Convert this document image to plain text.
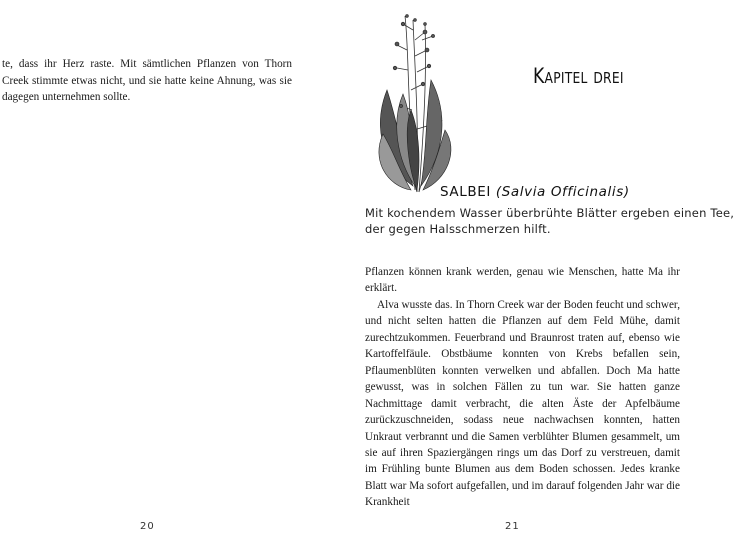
te, dass ihr Herz raste. Mit sämtlichen Pflanzen von Thorn Creek stimmte etwas nicht, und sie hatte keine Ahnung, was sie dagegen unternehmen sollte.

20
Kapitel drei
SALBEI (Salvia Officinalis)
Mit kochendem Wasser überbrühte Blätter ergeben einen Tee,
der gegen Halsschmerzen hilft.

Pflanzen können krank werden, genau wie Menschen, hatte Ma ihr erklärt.

Alva wusste das. In Thorn Creek war der Boden feucht und schwer, und nicht selten hatten die Pflanzen auf dem Feld Mühe, damit zurechtzukommen. Feuerbrand und Braunrost traten auf, ebenso wie Kartoffelfäule. Obstbäume konnten von Krebs befallen sein, Pflaumenblüten konnten verwelken und abfallen. Doch Ma hatte gewusst, was in solchen Fällen zu tun war. Sie hatten ganze Nachmittage damit verbracht, die alten Äste der Apfelbäume zurückzuschneiden, sodass neue nachwachsen konnten, hatten Unkraut verbrannt und die Samen verblühter Blumen gesammelt, um sie auf ihren Spaziergängen rings um das Dorf zu verstreuen, damit im Frühling bunte Blumen aus dem Boden schossen. Jedes kranke Blatt war Ma sofort aufgefallen, und im darauf folgenden Jahr war die Krankheit

21
